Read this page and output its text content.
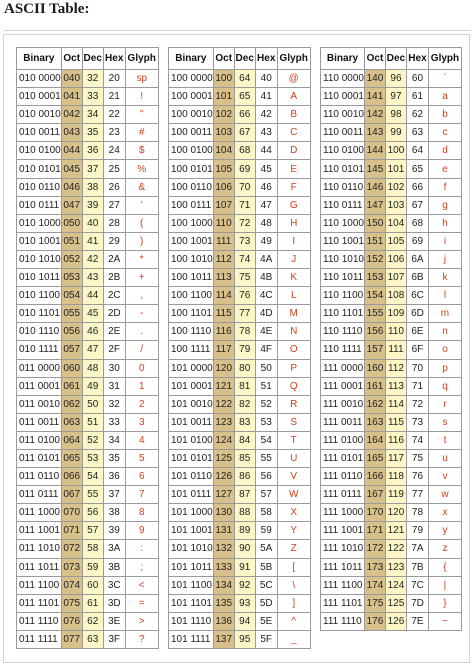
ASCII Table:
Binary	Oct	Dec	Hex	Glyph
010 0000	040	32	20	sp
010 0001	041	33	21	!
010 0010	042	34	22	"
010 0011	043	35	23	#
010 0100	044	36	24	$
010 0101	045	37	25	%
010 0110	046	38	26	&
010 0111	047	39	27	'
010 1000	050	40	28	(
010 1001	051	41	29	)
010 1010	052	42	2A	*
010 1011	053	43	2B	+
010 1100	054	44	2C	,
010 1101	055	45	2D	-
010 1110	056	46	2E	.
010 1111	057	47	2F	/
011 0000	060	48	30	0
011 0001	061	49	31	1
011 0010	062	50	32	2
011 0011	063	51	33	3
011 0100	064	52	34	4
011 0101	065	53	35	5
011 0110	066	54	36	6
011 0111	067	55	37	7
011 1000	070	56	38	8
011 1001	071	57	39	9
011 1010	072	58	3A	:
011 1011	073	59	3B	;
011 1100	074	60	3C	<
011 1101	075	61	3D	=
011 1110	076	62	3E	>
011 1111	077	63	3F	?
Binary	Oct	Dec	Hex	Glyph
100 0000	100	64	40	@
100 0001	101	65	41	A
100 0010	102	66	42	B
100 0011	103	67	43	C
100 0100	104	68	44	D
100 0101	105	69	45	E
100 0110	106	70	46	F
100 0111	107	71	47	G
100 1000	110	72	48	H
100 1001	111	73	49	I
100 1010	112	74	4A	J
100 1011	113	75	4B	K
100 1100	114	76	4C	L
100 1101	115	77	4D	M
100 1110	116	78	4E	N
100 1111	117	79	4F	O
101 0000	120	80	50	P
101 0001	121	81	51	Q
101 0010	122	82	52	R
101 0011	123	83	53	S
101 0100	124	84	54	T
101 0101	125	85	55	U
101 0110	126	86	56	V
101 0111	127	87	57	W
101 1000	130	88	58	X
101 1001	131	89	59	Y
101 1010	132	90	5A	Z
101 1011	133	91	5B	[
101 1100	134	92	5C	\
101 1101	135	93	5D	]
101 1110	136	94	5E	^
101 1111	137	95	5F	_
Binary	Oct	Dec	Hex	Glyph
110 0000	140	96	60	`
110 0001	141	97	61	a
110 0010	142	98	62	b
110 0011	143	99	63	c
110 0100	144	100	64	d
110 0101	145	101	65	e
110 0110	146	102	66	f
110 0111	147	103	67	g
110 1000	150	104	68	h
110 1001	151	105	69	i
110 1010	152	106	6A	j
110 1011	153	107	6B	k
110 1100	154	108	6C	l
110 1101	155	109	6D	m
110 1110	156	110	6E	n
110 1111	157	111	6F	o
111 0000	160	112	70	p
111 0001	161	113	71	q
111 0010	162	114	72	r
111 0011	163	115	73	s
111 0100	164	116	74	t
111 0101	165	117	75	u
111 0110	166	118	76	v
111 0111	167	119	77	w
111 1000	170	120	78	x
111 1001	171	121	79	y
111 1010	172	122	7A	z
111 1011	173	123	7B	{
111 1100	174	124	7C	|
111 1101	175	125	7D	}
111 1110	176	126	7E	~
